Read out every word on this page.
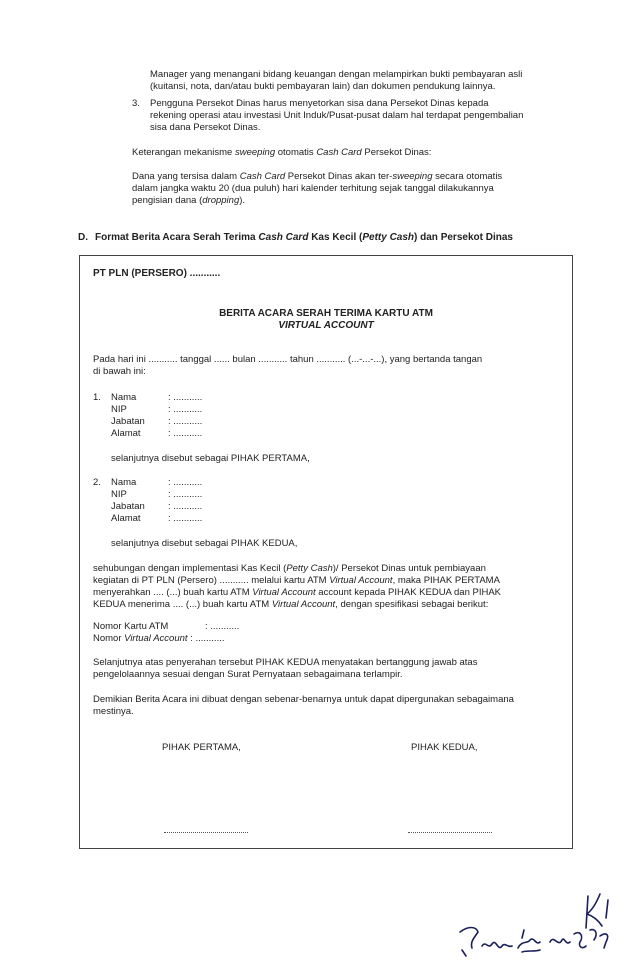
Manager yang menangani bidang keuangan dengan melampirkan bukti pembayaran asli
(kuitansi, nota, dan/atau bukti pembayaran lain) dan dokumen pendukung lainnya.
3. Pengguna Persekot Dinas harus menyetorkan sisa dana Persekot Dinas kepada
rekening operasi atau investasi Unit Induk/Pusat-pusat dalam hal terdapat pengembalian
sisa dana Persekot Dinas.
Keterangan mekanisme sweeping otomatis Cash Card Persekot Dinas:
Dana yang tersisa dalam Cash Card Persekot Dinas akan ter-sweeping secara otomatis
dalam jangka waktu 20 (dua puluh) hari kalender terhitung sejak tanggal dilakukannya
pengisian dana (dropping).
D. Format Berita Acara Serah Terima Cash Card Kas Kecil (Petty Cash) dan Persekot Dinas
PT PLN (PERSERO) ...........
BERITA ACARA SERAH TERIMA KARTU ATM
VIRTUAL ACCOUNT
Pada hari ini ........... tanggal ...... bulan ........... tahun ........... (...-...-...), yang bertanda tangan
di bawah ini:
1. Nama	: ...........
NIP	: ...........
Jabatan : ...........
Alamat	: ...........
selanjutnya disebut sebagai PIHAK PERTAMA,
2. Nama	: ...........
NIP	: ...........
Jabatan : ...........
Alamat	: ...........
selanjutnya disebut sebagai PIHAK KEDUA,
sehubungan dengan implementasi Kas Kecil (Petty Cash)/ Persekot Dinas untuk pembiayaan
kegiatan di PT PLN (Persero) ........... melalui kartu ATM Virtual Account, maka PIHAK PERTAMA
menyerahkan .... (...) buah kartu ATM Virtual Account account kepada PIHAK KEDUA dan PIHAK
KEDUA menerima .... (...) buah kartu ATM Virtual Account, dengan spesifikasi sebagai berikut:
Nomor Kartu ATM	: ...........
Nomor Virtual Account : ...........
Selanjutnya atas penyerahan tersebut PIHAK KEDUA menyatakan bertanggung jawab atas
pengelolaannya sesuai dengan Surat Pernyataan sebagaimana terlampir.
Demikian Berita Acara ini dibuat dengan sebenar-benarnya untuk dapat dipergunakan sebagaimana
mestinya.
PIHAK PERTAMA,	PIHAK KEDUA,
